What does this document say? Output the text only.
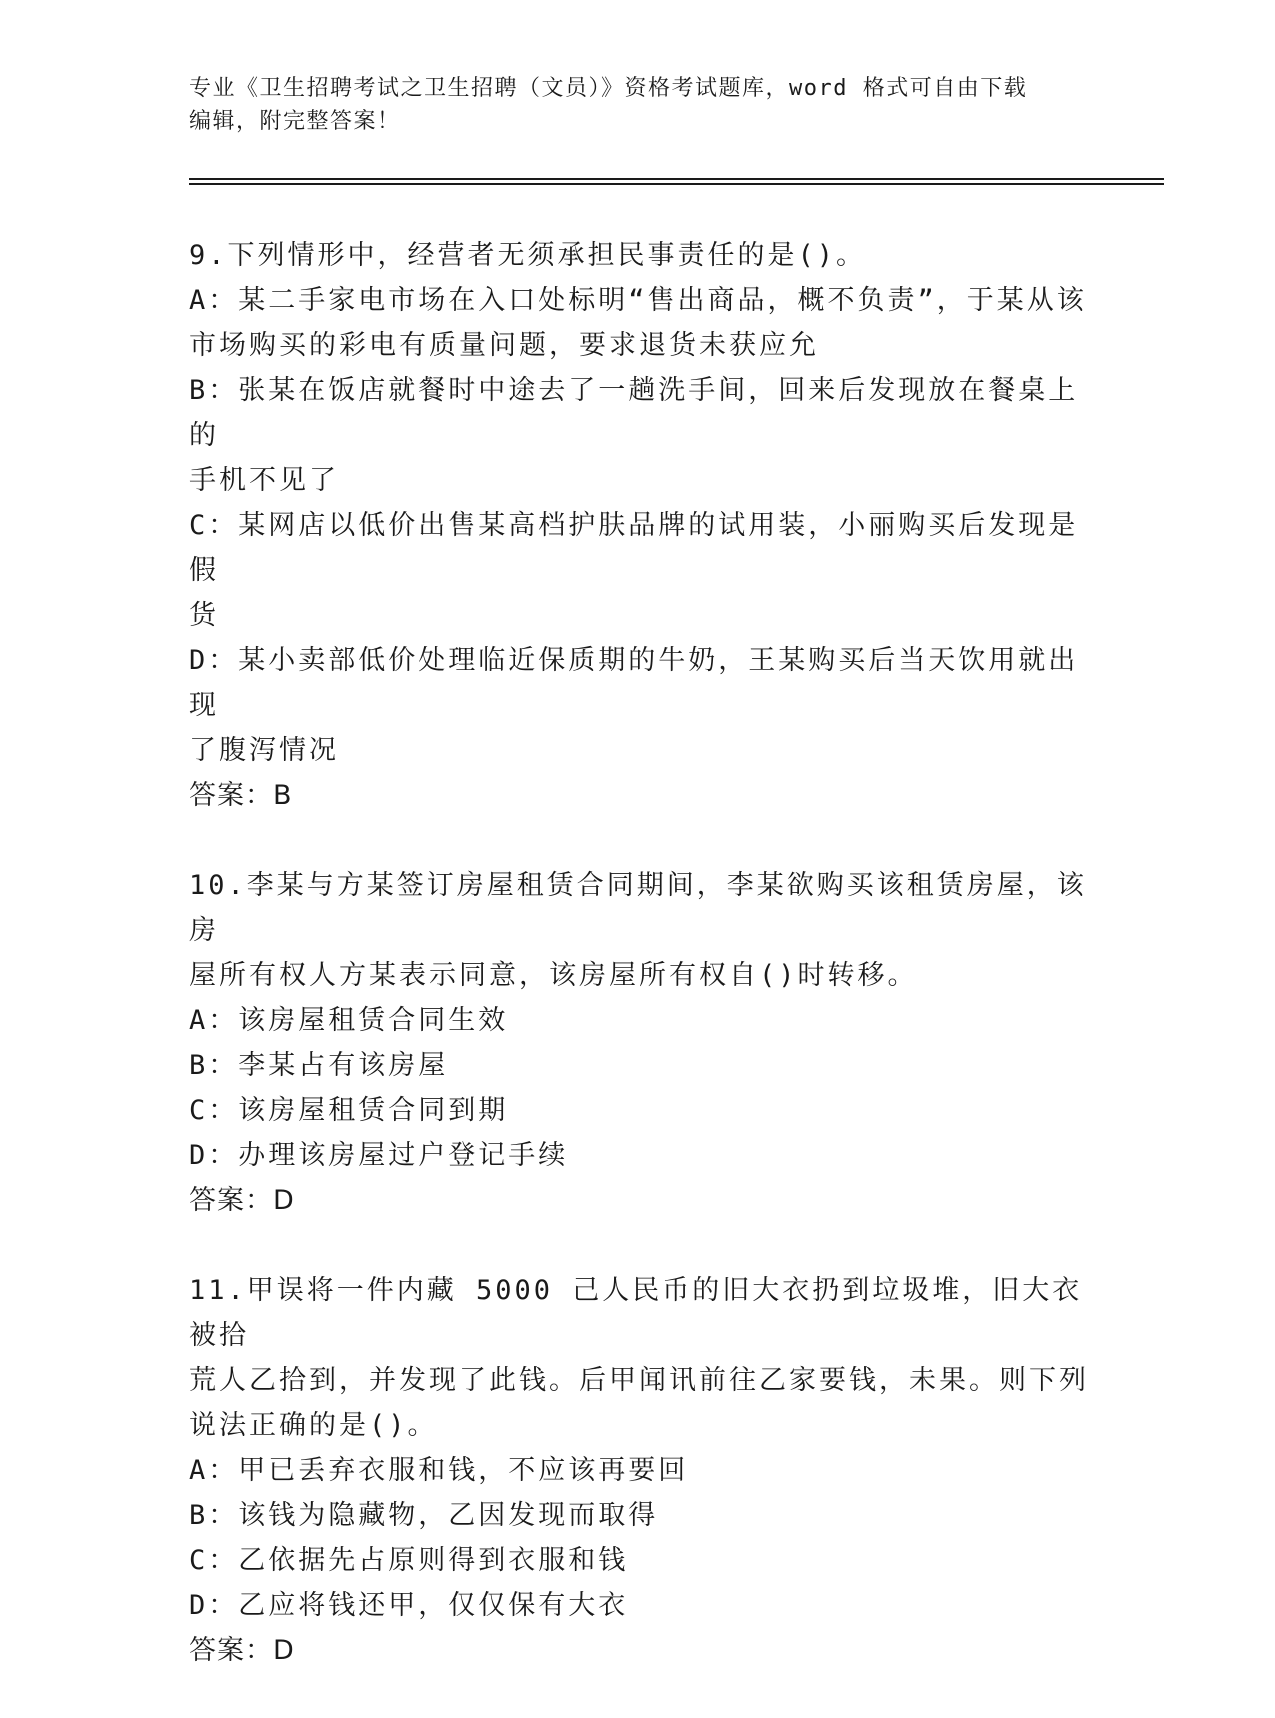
专业《卫生招聘考试之卫生招聘（文员）》资格考试题库，word 格式可自由下载
编辑，附完整答案！

9.下列情形中，经营者无须承担民事责任的是()。

A：某二手家电市场在入口处标明“售出商品，概不负责”，于某从该

市场购买的彩电有质量问题，要求退货未获应允

B：张某在饭店就餐时中途去了一趟洗手间，回来后发现放在餐桌上的

手机不见了

C：某网店以低价出售某高档护肤品牌的试用装，小丽购买后发现是假

货

D：某小卖部低价处理临近保质期的牛奶，王某购买后当天饮用就出现

了腹泻情况

答案：B

10.李某与方某签订房屋租赁合同期间，李某欲购买该租赁房屋，该房

屋所有权人方某表示同意，该房屋所有权自()时转移。

A：该房屋租赁合同生效

B：李某占有该房屋

C：该房屋租赁合同到期

D：办理该房屋过户登记手续

答案：D

11.甲误将一件内藏 5000 己人民币的旧大衣扔到垃圾堆，旧大衣被拾

荒人乙拾到，并发现了此钱。后甲闻讯前往乙家要钱，未果。则下列

说法正确的是()。

A：甲已丢弃衣服和钱，不应该再要回

B：该钱为隐藏物，乙因发现而取得

C：乙依据先占原则得到衣服和钱

D：乙应将钱还甲，仅仅保有大衣

答案：D
